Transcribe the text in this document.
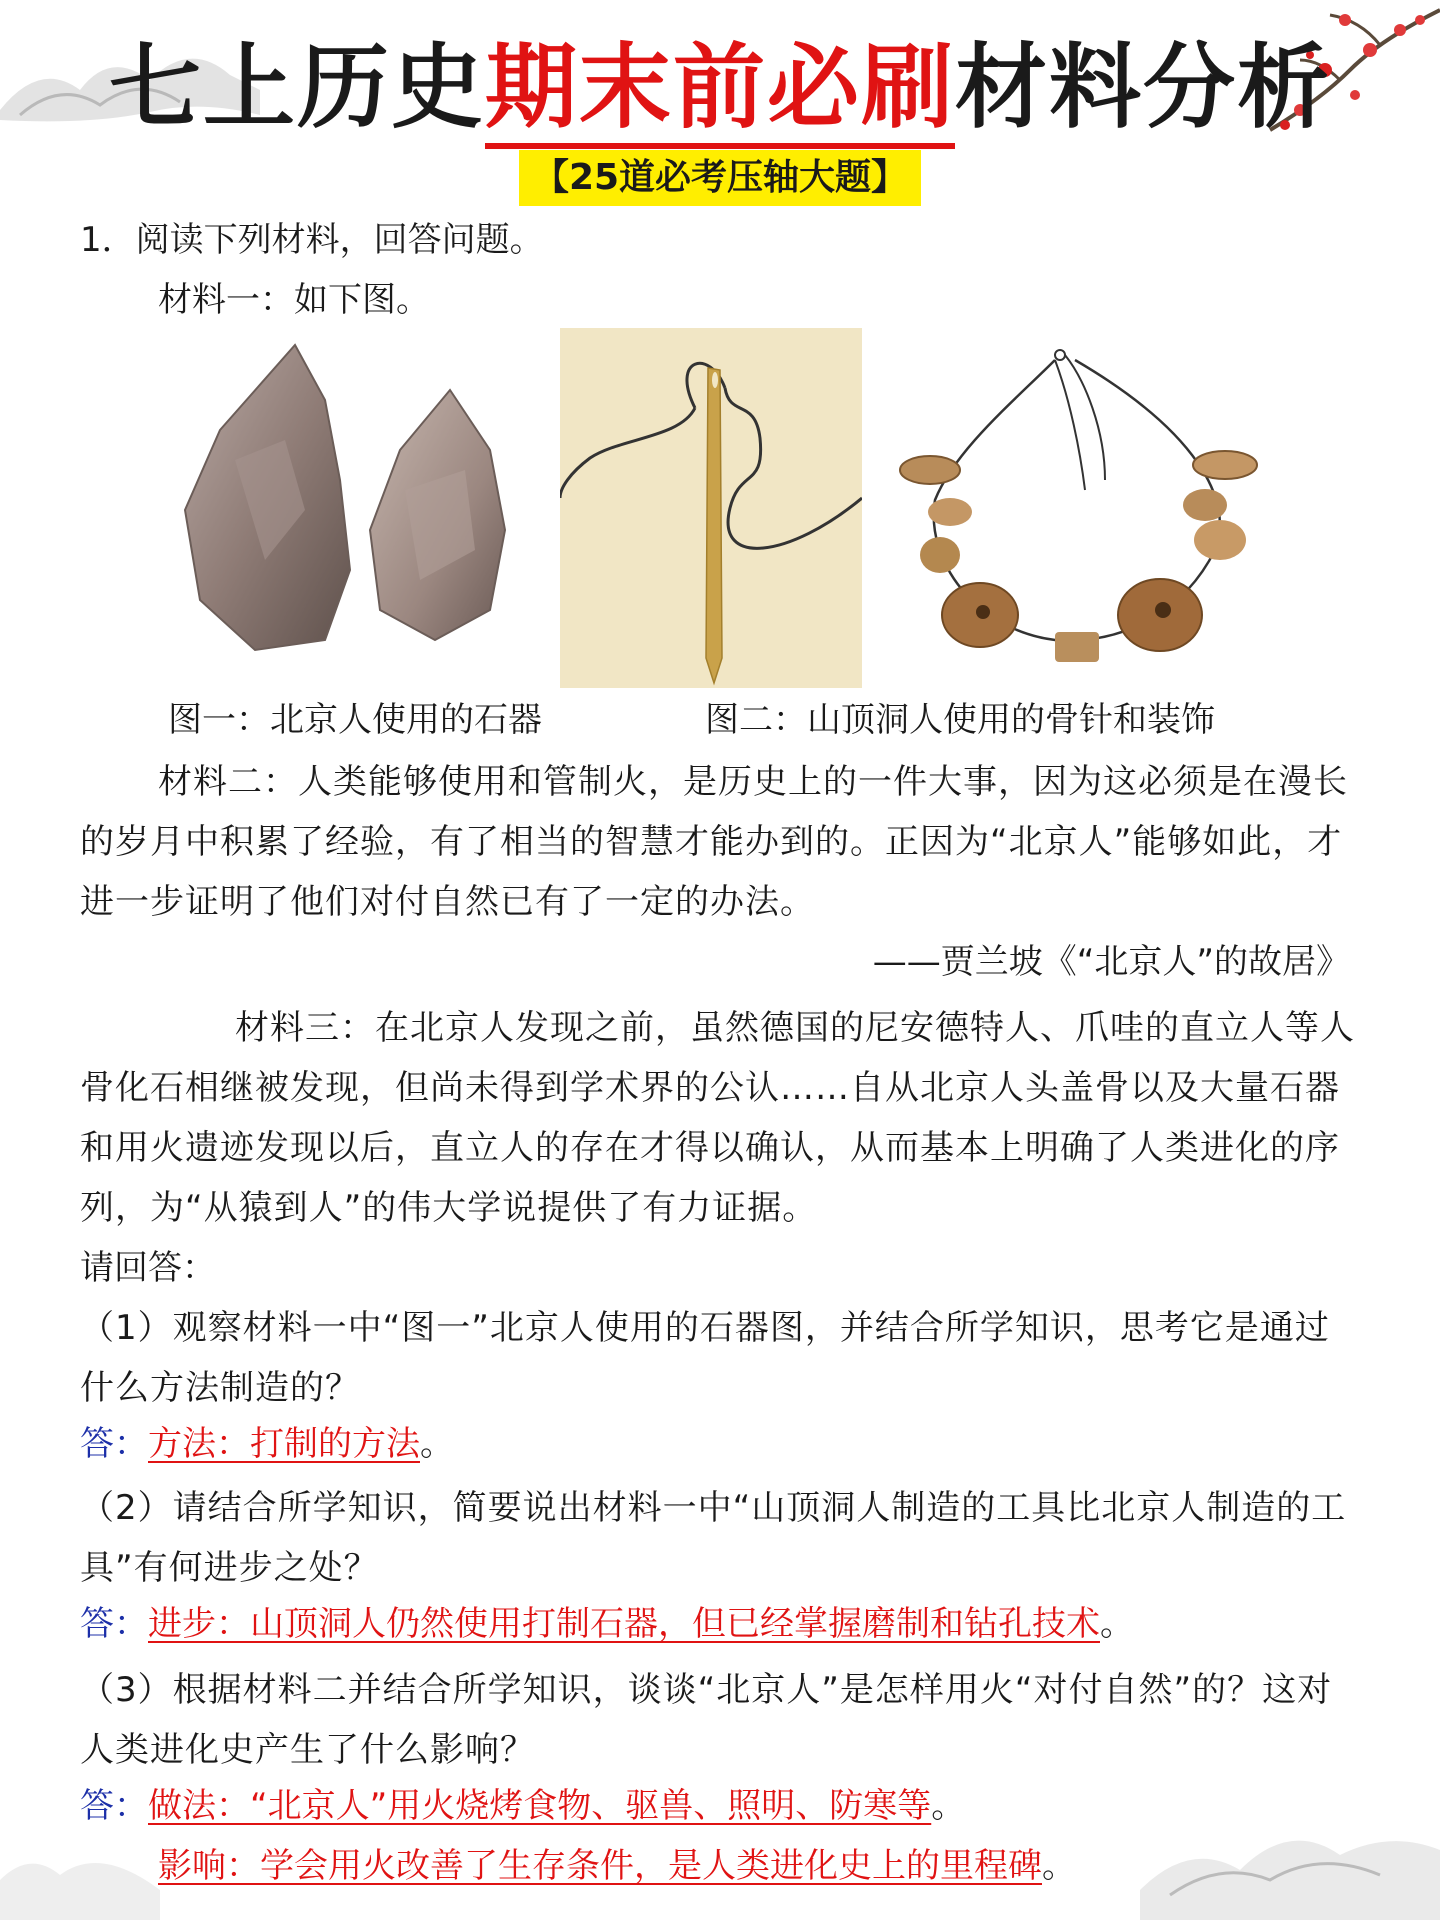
七上历史期末前必刷材料分析
【25道必考压轴大题】
1．阅读下列材料，回答问题。
材料一：如下图。
图一：北京人使用的石器	图二：山顶洞人使用的骨针和装饰
材料二：人类能够使用和管制火，是历史上的一件大事，因为这必须是在漫长的岁月中积累了经验，有了相当的智慧才能办到的。正因为“北京人”能够如此，才进一步证明了他们对付自然已有了一定的办法。
——贾兰坡《“北京人”的故居》
材料三：在北京人发现之前，虽然德国的尼安德特人、爪哇的直立人等人骨化石相继被发现，但尚未得到学术界的公认……自从北京人头盖骨以及大量石器和用火遗迹发现以后，直立人的存在才得以确认，从而基本上明确了人类进化的序列，为“从猿到人”的伟大学说提供了有力证据。
请回答：
（1）观察材料一中“图一”北京人使用的石器图，并结合所学知识，思考它是通过什么方法制造的？
答：方法：打制的方法。
（2）请结合所学知识，简要说出材料一中“山顶洞人制造的工具比北京人制造的工具”有何进步之处？
答：进步：山顶洞人仍然使用打制石器，但已经掌握磨制和钻孔技术。
（3）根据材料二并结合所学知识，谈谈“北京人”是怎样用火“对付自然”的？这对人类进化史产生了什么影响？
答：做法：“北京人”用火烧烤食物、驱兽、照明、防寒等。
影响：学会用火改善了生存条件，是人类进化史上的里程碑。
